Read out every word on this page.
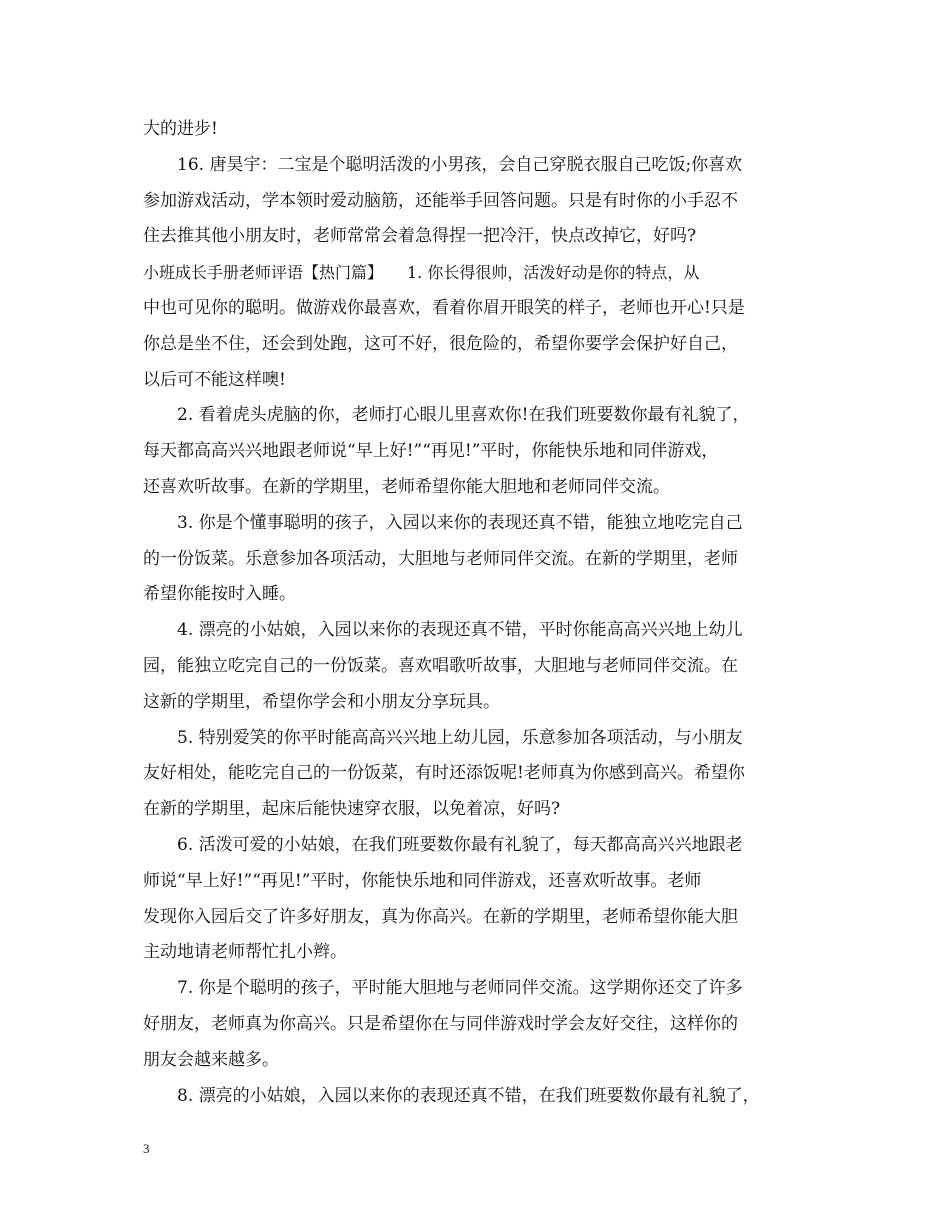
大的进步!
16. 唐昊宇：二宝是个聪明活泼的小男孩，会自己穿脱衣服自己吃饭;你喜欢
参加游戏活动，学本领时爱动脑筋，还能举手回答问题。只是有时你的小手忍不
住去推其他小朋友时，老师常常会着急得捏一把冷汗，快点改掉它，好吗?
小班成长手册老师评语【热门篇】　　1. 你长得很帅，活泼好动是你的特点，从
中也可见你的聪明。做游戏你最喜欢，看着你眉开眼笑的样子，老师也开心!只是
你总是坐不住，还会到处跑，这可不好，很危险的，希望你要学会保护好自己，
以后可不能这样噢!
2. 看着虎头虎脑的你，老师打心眼儿里喜欢你!在我们班要数你最有礼貌了，
每天都高高兴兴地跟老师说“早上好!”“再见!”平时，你能快乐地和同伴游戏，
还喜欢听故事。在新的学期里，老师希望你能大胆地和老师同伴交流。
3. 你是个懂事聪明的孩子，入园以来你的表现还真不错，能独立地吃完自己
的一份饭菜。乐意参加各项活动，大胆地与老师同伴交流。在新的学期里，老师
希望你能按时入睡。
4. 漂亮的小姑娘，入园以来你的表现还真不错，平时你能高高兴兴地上幼儿
园，能独立吃完自己的一份饭菜。喜欢唱歌听故事，大胆地与老师同伴交流。在
这新的学期里，希望你学会和小朋友分享玩具。
5. 特别爱笑的你平时能高高兴兴地上幼儿园，乐意参加各项活动，与小朋友
友好相处，能吃完自己的一份饭菜，有时还添饭呢!老师真为你感到高兴。希望你
在新的学期里，起床后能快速穿衣服，以免着凉，好吗?
6. 活泼可爱的小姑娘，在我们班要数你最有礼貌了，每天都高高兴兴地跟老
师说“早上好!”“再见!”平时，你能快乐地和同伴游戏，还喜欢听故事。老师
发现你入园后交了许多好朋友，真为你高兴。在新的学期里，老师希望你能大胆
主动地请老师帮忙扎小辫。
7. 你是个聪明的孩子，平时能大胆地与老师同伴交流。这学期你还交了许多
好朋友，老师真为你高兴。只是希望你在与同伴游戏时学会友好交往，这样你的
朋友会越来越多。
8. 漂亮的小姑娘，入园以来你的表现还真不错，在我们班要数你最有礼貌了，
3
